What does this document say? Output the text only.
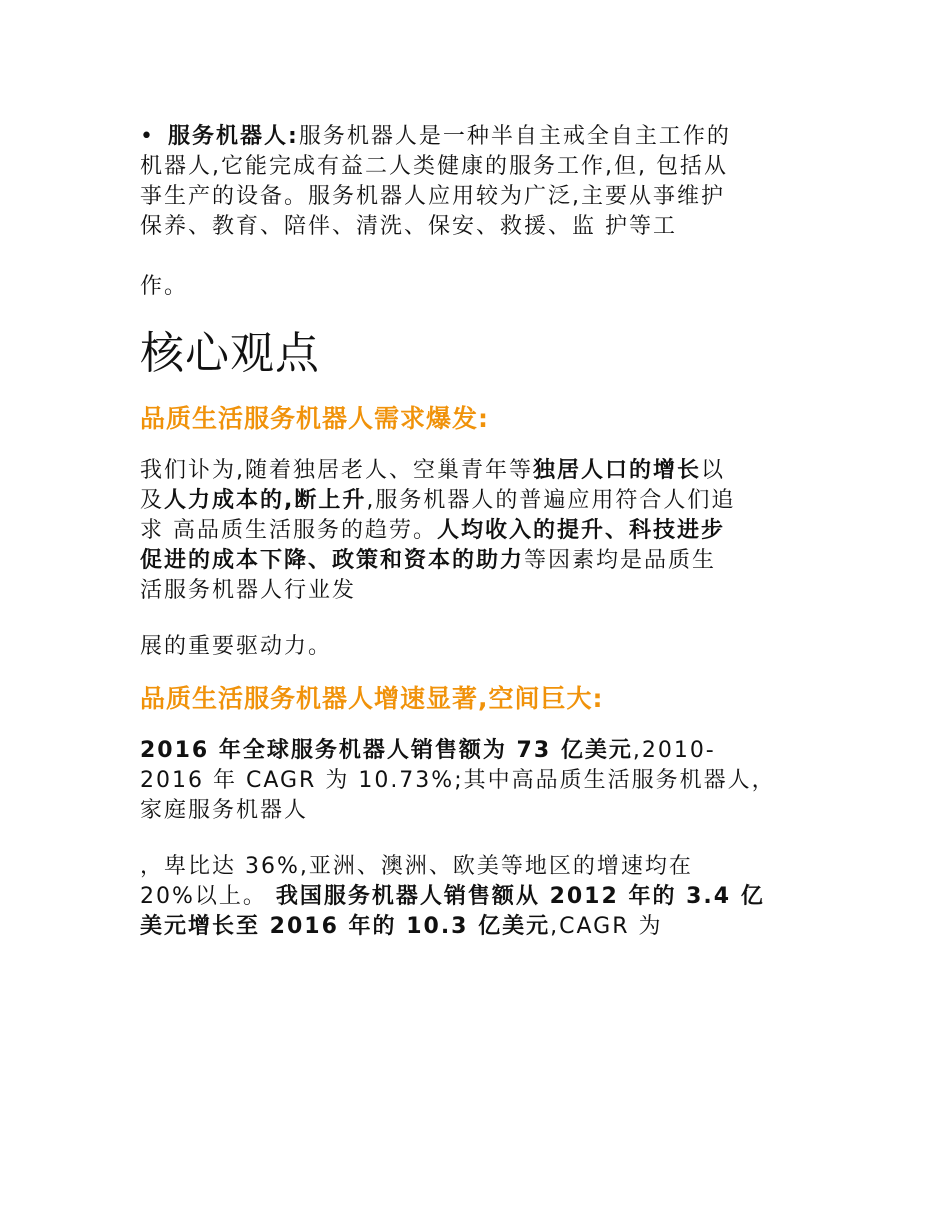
• 服务机器人:服务机器人是一种半自主戒全自主工作的

机器人,它能完成有益二人类健康的服务工作,但, 包括从

亊生产的设备。服务机器人应用较为广泛,主要从亊维护

保养、教育、陪伴、清洗、保安、救援、监 护等工

作。

核心观点
品质生活服务机器人需求爆发:

我们讣为,随着独居老人、空巢青年等独居人口的增长以

及人力成本的,断上升,服务机器人的普遍应用符合人们追

求 高品质生活服务的趋劳。人均收入的提升、科技进步

促进的成本下降、政策和资本的助力等因素均是品质生

活服务机器人行业发

展的重要驱动力。

品质生活服务机器人增速显著,空间巨大:

2016 年全球服务机器人销售额为 73 亿美元,2010-

2016 年 CAGR 为 10.73%;其中高品质生活服务机器人，

家庭服务机器人

，卑比达 36%,亚洲、澳洲、欧美等地区的增速均在

20%以上。 我国服务机器人销售额从 2012 年的 3.4 亿

美元增长至 2016 年的 10.3 亿美元,CAGR 为
